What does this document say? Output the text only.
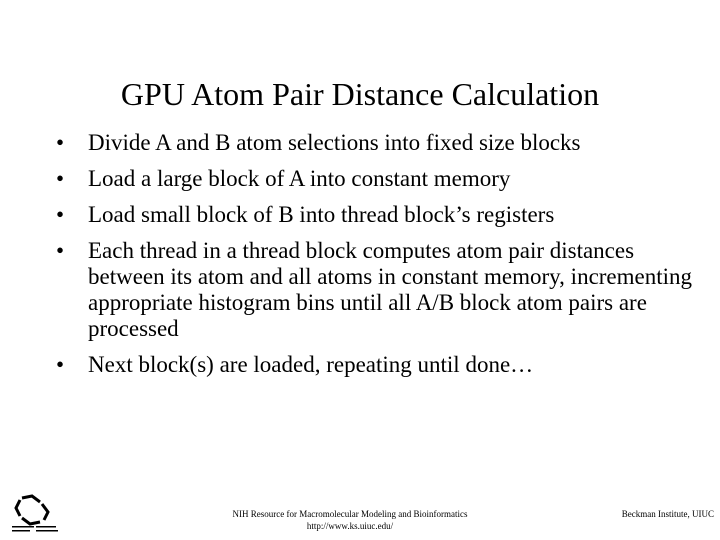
GPU Atom Pair Distance Calculation
• Divide A and B atom selections into fixed size blocks
• Load a large block of A into constant memory
• Load small block of B into thread block’s registers
• Each thread in a thread block computes atom pair distances between its atom and all atoms in constant memory, incrementing appropriate histogram bins until all A/B block atom pairs are processed
• Next block(s) are loaded, repeating until done…
NIH Resource for Macromolecular Modeling and Bioinformatics
http://www.ks.uiuc.edu/
Beckman Institute, UIUC
